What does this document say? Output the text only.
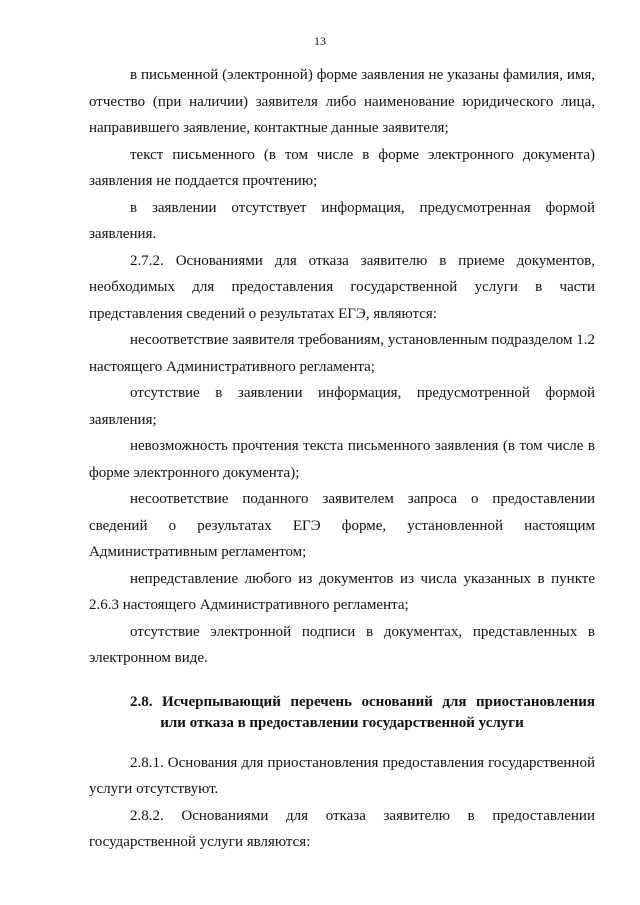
13

в письменной (электронной) форме заявления не указаны фамилия, имя, отчество (при наличии) заявителя либо наименование юридического лица, направившего заявление, контактные данные заявителя;

текст письменного (в том числе в форме электронного документа) заявления не поддается прочтению;

в заявлении отсутствует информация, предусмотренная формой заявления.

2.7.2. Основаниями для отказа заявителю в приеме документов, необходимых для предоставления государственной услуги в части представления сведений о результатах ЕГЭ, являются:

несоответствие заявителя требованиям, установленным подразделом 1.2 настоящего Административного регламента;

отсутствие в заявлении информация, предусмотренной формой заявления;

невозможность прочтения текста письменного заявления (в том числе в форме электронного документа);

несоответствие поданного заявителем запроса о предоставлении сведений о результатах ЕГЭ форме, установленной настоящим Административным регламентом;

непредставление любого из документов из числа указанных в пункте 2.6.3 настоящего Административного регламента;

отсутствие электронной подписи в документах, представленных в электронном виде.

2.8. Исчерпывающий перечень оснований для приостановления
или отказа в предоставлении государственной услуги

2.8.1. Основания для приостановления предоставления государственной услуги отсутствуют.

2.8.2. Основаниями для отказа заявителю в предоставлении государственной услуги являются:
